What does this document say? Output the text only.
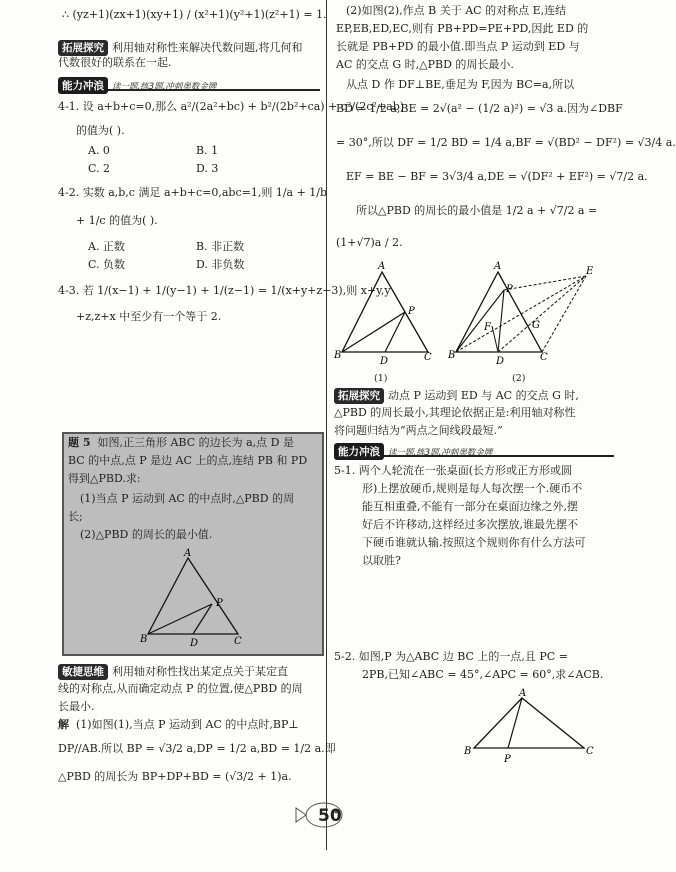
∴ (yz+1)(zx+1)(xy+1) / (x²+1)(y²+1)(z²+1) = 1.
拓展探究 利用轴对称性来解决代数问题,将几何和
代数很好的联系在一起.
能力冲浪 读一题,练3题,冲刺奥数金牌
4-1. 设 a+b+c=0,那么 a²/(2a²+bc) + b²/(2b²+ca) + c²/(2c²+ab)
的值为( ).
A. 0	B. 1
C. 2	D. 3
4-2. 实数 a,b,c 满足 a+b+c=0,abc=1,则 1/a + 1/b
+ 1/c 的值为( ).
A. 正数	B. 非正数
C. 负数	D. 非负数
4-3. 若 1/(x−1) + 1/(y−1) + 1/(z−1) = 1/(x+y+z−3),则 x+y,y
+z,z+x 中至少有一个等于 2.
题 5 如图,正三角形 ABC 的边长为 a,点 D 是
BC 的中点,点 P 是边 AC 上的点,连结 PB 和 PD
得到△PBD.求:
(1)当点 P 运动到 AC 的中点时,△PBD 的周
长;
(2)△PBD 的周长的最小值.
A
B	C
D
P
敏捷思维 利用轴对称性找出某定点关于某定直
线的对称点,从而确定动点 P 的位置,使△PBD 的周
长最小.
解 (1)如图(1),当点 P 运动到 AC 的中点时,BP⊥
DP//AB.所以 BP = √3/2 a,DP = 1/2 a,BD = 1/2 a.即
△PBD 的周长为 BP+DP+BD = (√3/2 + 1)a.
(2)如图(2),作点 B 关于 AC 的对称点 E,连结
EP,EB,ED,EC,则有 PB+PD=PE+PD,因此 ED 的
长就是 PB+PD 的最小值.即当点 P 运动到 ED 与
AC 的交点 G 时,△PBD 的周长最小.
从点 D 作 DF⊥BE,垂足为 F,因为 BC=a,所以
BD = 1/2 a,BE = 2√(a² − (1/2 a)²) = √3 a.因为∠DBF
= 30°,所以 DF = 1/2 BD = 1/4 a,BF = √(BD² − DF²) = √3/4 a.
EF = BE − BF = 3√3/4 a,DE = √(DF² + EF²) = √7/2 a.
所以△PBD 的周长的最小值是 1/2 a + √7/2 a =
(1+√7)a / 2.
A
B	C
D
P
(1)
A
B	C
D
P
E
F	G
(2)
拓展探究 动点 P 运动到 ED 与 AC 的交点 G 时,
△PBD 的周长最小,其理论依据正是:利用轴对称性
将问题归结为“两点之间线段最短.”
能力冲浪 读一题,练3题,冲刺奥数金牌
5-1. 两个人轮流在一张桌面(长方形或正方形或圆
形)上摆放硬币,规则是每人每次摆一个.硬币不
能互相重叠,不能有一部分在桌面边缘之外,摆
好后不许移动,这样经过多次摆放,谁最先摆不
下硬币谁就认输.按照这个规则你有什么方法可
以取胜?
5-2. 如图,P 为△ABC 边 BC 上的一点,且 PC =
2PB,已知∠ABC = 45°,∠APC = 60°,求∠ACB.
A
B	C
P
50
